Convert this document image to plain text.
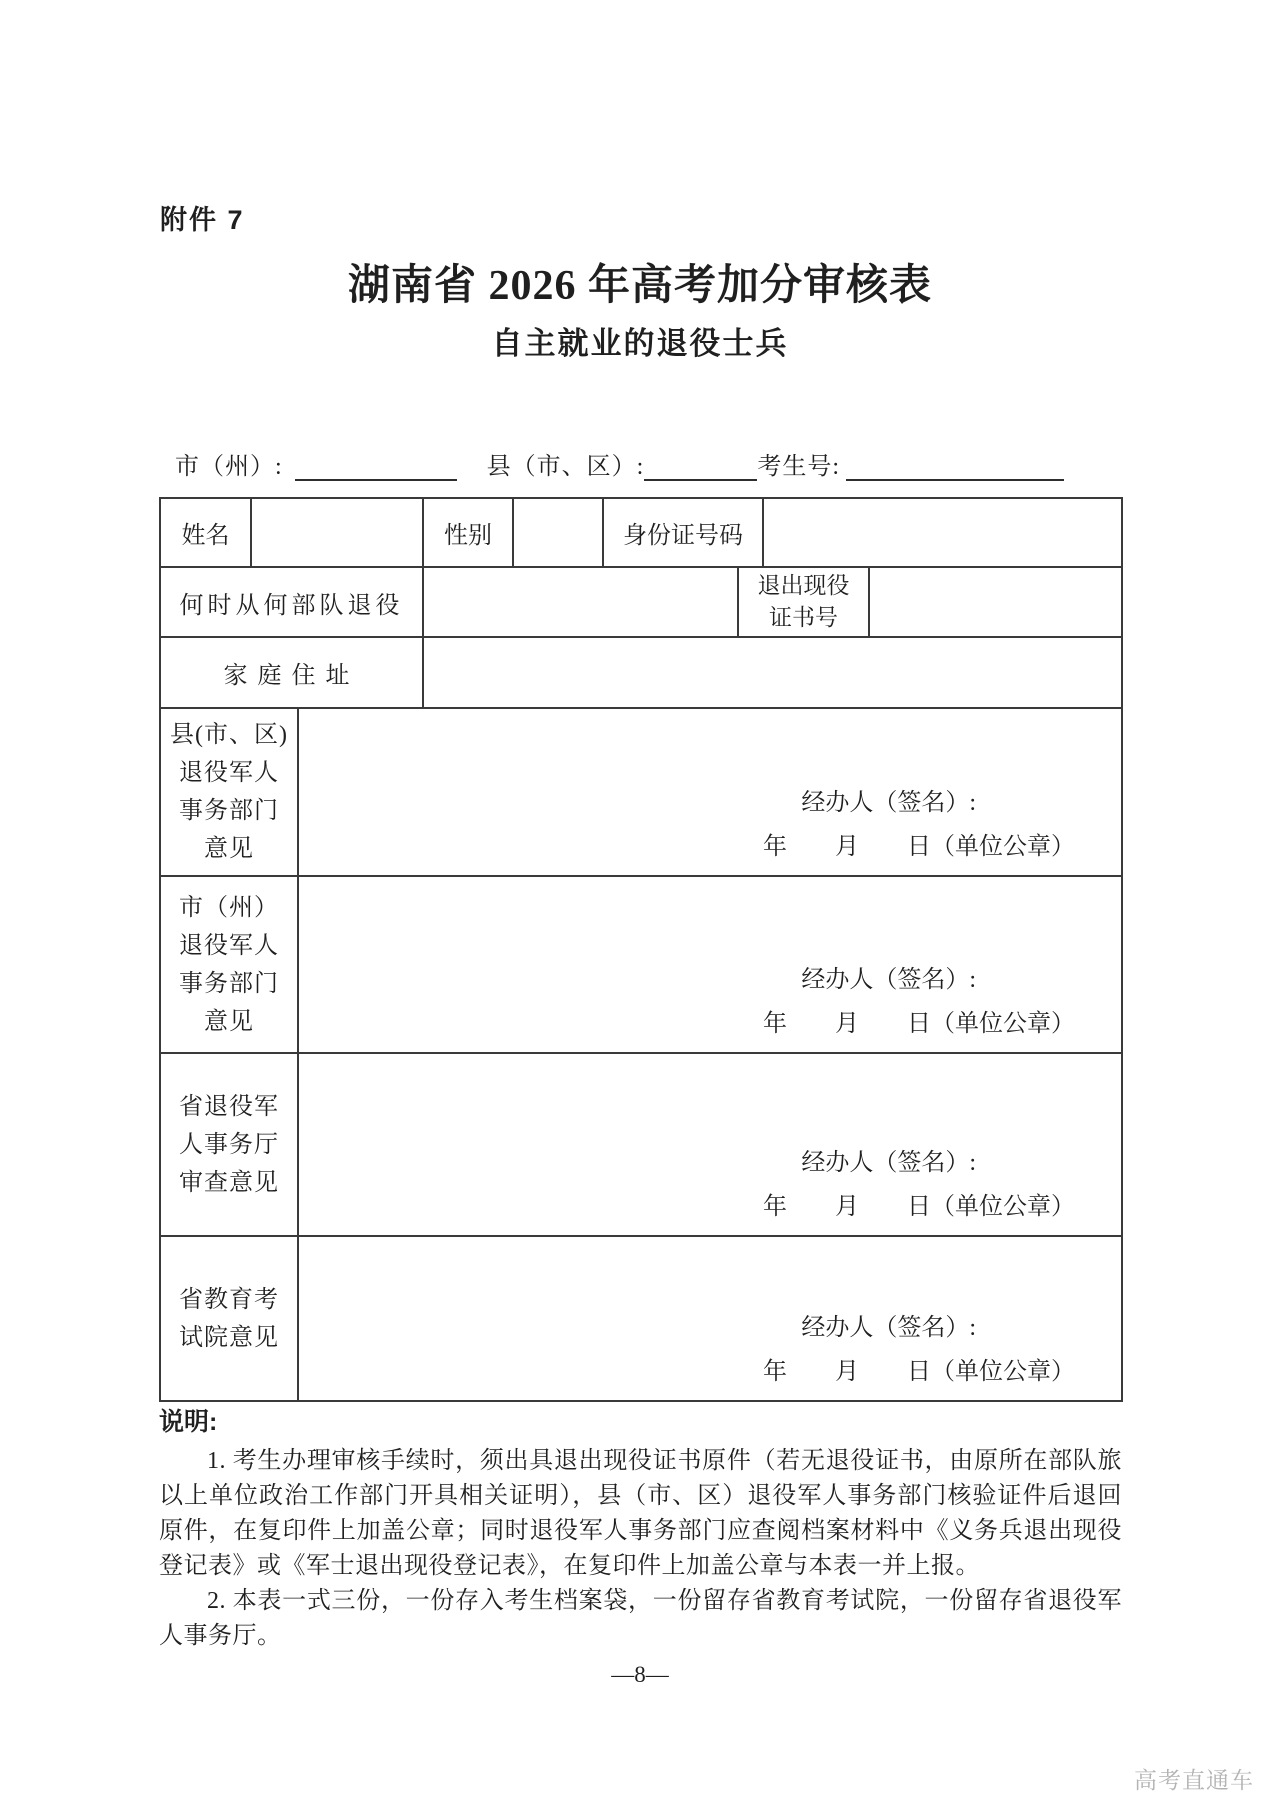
附件 7
湖南省 2026 年高考加分审核表
自主就业的退役士兵
市（州）:	县（市、区）:	考生号:
姓名			性别		身份证号码			
何时从何部队退役						退出现役
证书号		

家庭住址								

县(市、区)
退役军人
事务部门
意见

经办人（签名）:
年　　月　　日（单位公章）

市（州）
退役军人
事务部门
意见

经办人（签名）:
年　　月　　日（单位公章）

省退役军
人事务厅
审查意见

经办人（签名）:
年　　月　　日（单位公章）

省教育考
试院意见	经办人（签名）:
年　　月　　日（单位公章）
说明:

1. 考生办理审核手续时，须出具退出现役证书原件（若无退役证书，由原所在部队旅以上单位政治工作部门开具相关证明），县（市、区）退役军人事务部门核验证件后退回原件，在复印件上加盖公章；同时退役军人事务部门应查阅档案材料中《义务兵退出现役登记表》或《军士退出现役登记表》，在复印件上加盖公章与本表一并上报。

2. 本表一式三份，一份存入考生档案袋，一份留存省教育考试院，一份留存省退役军人事务厅。

—8—
高考直通车
